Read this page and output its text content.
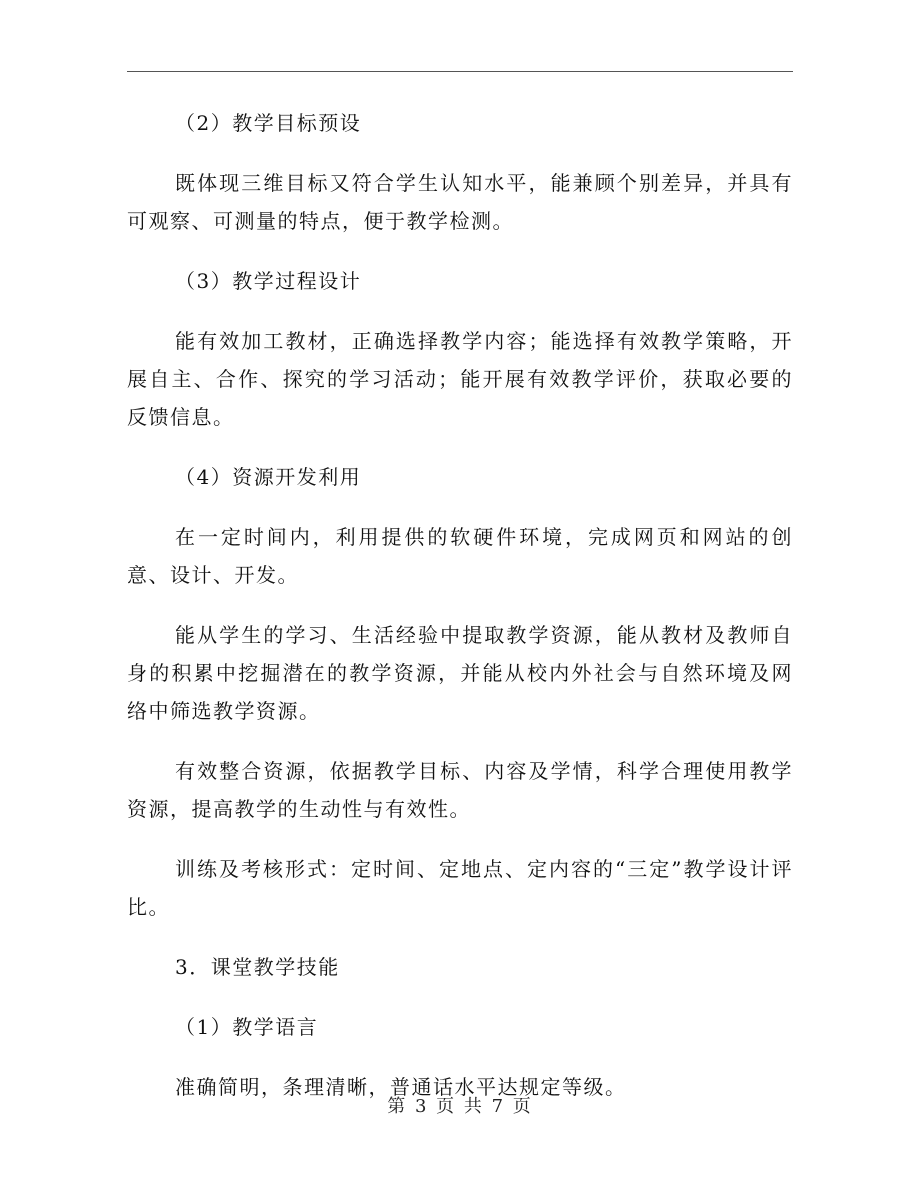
（2）教学目标预设

既体现三维目标又符合学生认知水平，能兼顾个别差异，并具有可观察、可测量的特点，便于教学检测。

（3）教学过程设计

能有效加工教材，正确选择教学内容；能选择有效教学策略，开展自主、合作、探究的学习活动；能开展有效教学评价，获取必要的反馈信息。

（4）资源开发利用

在一定时间内，利用提供的软硬件环境，完成网页和网站的创意、设计、开发。

能从学生的学习、生活经验中提取教学资源，能从教材及教师自身的积累中挖掘潜在的教学资源，并能从校内外社会与自然环境及网络中筛选教学资源。

有效整合资源，依据教学目标、内容及学情，科学合理使用教学资源，提高教学的生动性与有效性。

训练及考核形式：定时间、定地点、定内容的“三定”教学设计评比。

3．课堂教学技能

（1）教学语言

准确简明，条理清晰，普通话水平达规定等级。

第 3 页 共 7 页
